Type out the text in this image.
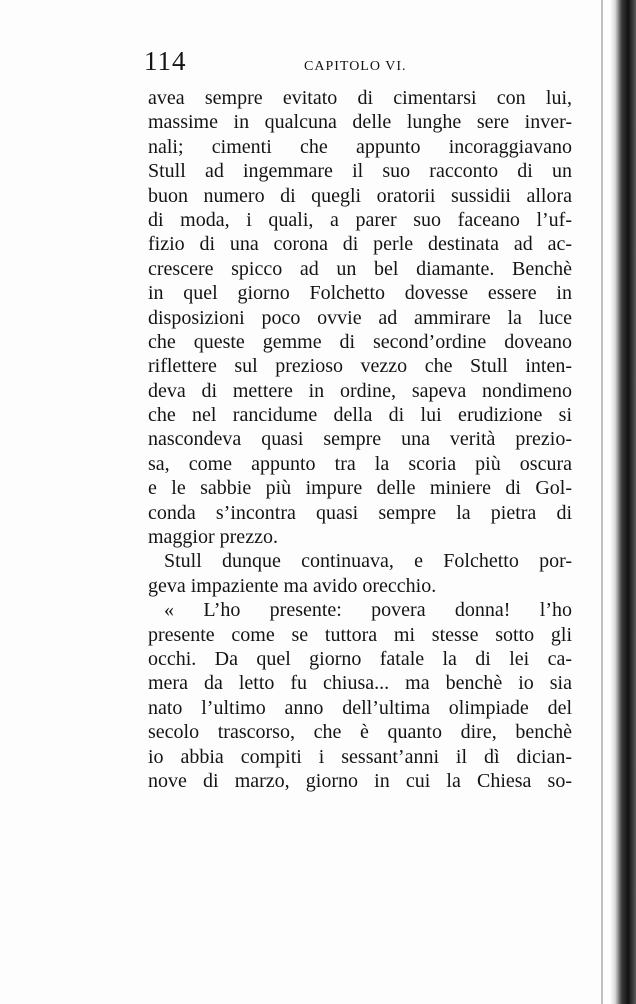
114	CAPITOLO VI.
avea sempre evitato di cimentarsi con lui,
massime in qualcuna delle lunghe sere inver-
nali; cimenti che appunto incoraggiavano
Stull ad ingemmare il suo racconto di un
buon numero di quegli oratorii sussidii allora
di moda, i quali, a parer suo faceano l’uf-
fizio di una corona di perle destinata ad ac-
crescere spicco ad un bel diamante. Benchè
in quel giorno Folchetto dovesse essere in
disposizioni poco ovvie ad ammirare la luce
che queste gemme di second’ordine doveano
riflettere sul prezioso vezzo che Stull inten-
deva di mettere in ordine, sapeva nondimeno
che nel rancidume della di lui erudizione si
nascondeva quasi sempre una verità prezio-
sa, come appunto tra la scoria più oscura
e le sabbie più impure delle miniere di Gol-
conda s’incontra quasi sempre la pietra di
maggior prezzo.
Stull dunque continuava, e Folchetto por-
geva impaziente ma avido orecchio.
« L’ho presente: povera donna! l’ho
presente come se tuttora mi stesse sotto gli
occhi. Da quel giorno fatale la di lei ca-
mera da letto fu chiusa... ma benchè io sia
nato l’ultimo anno dell’ultima olimpiade del
secolo trascorso, che è quanto dire, benchè
io abbia compiti i sessant’anni il dì dician-
nove di marzo, giorno in cui la Chiesa so-
